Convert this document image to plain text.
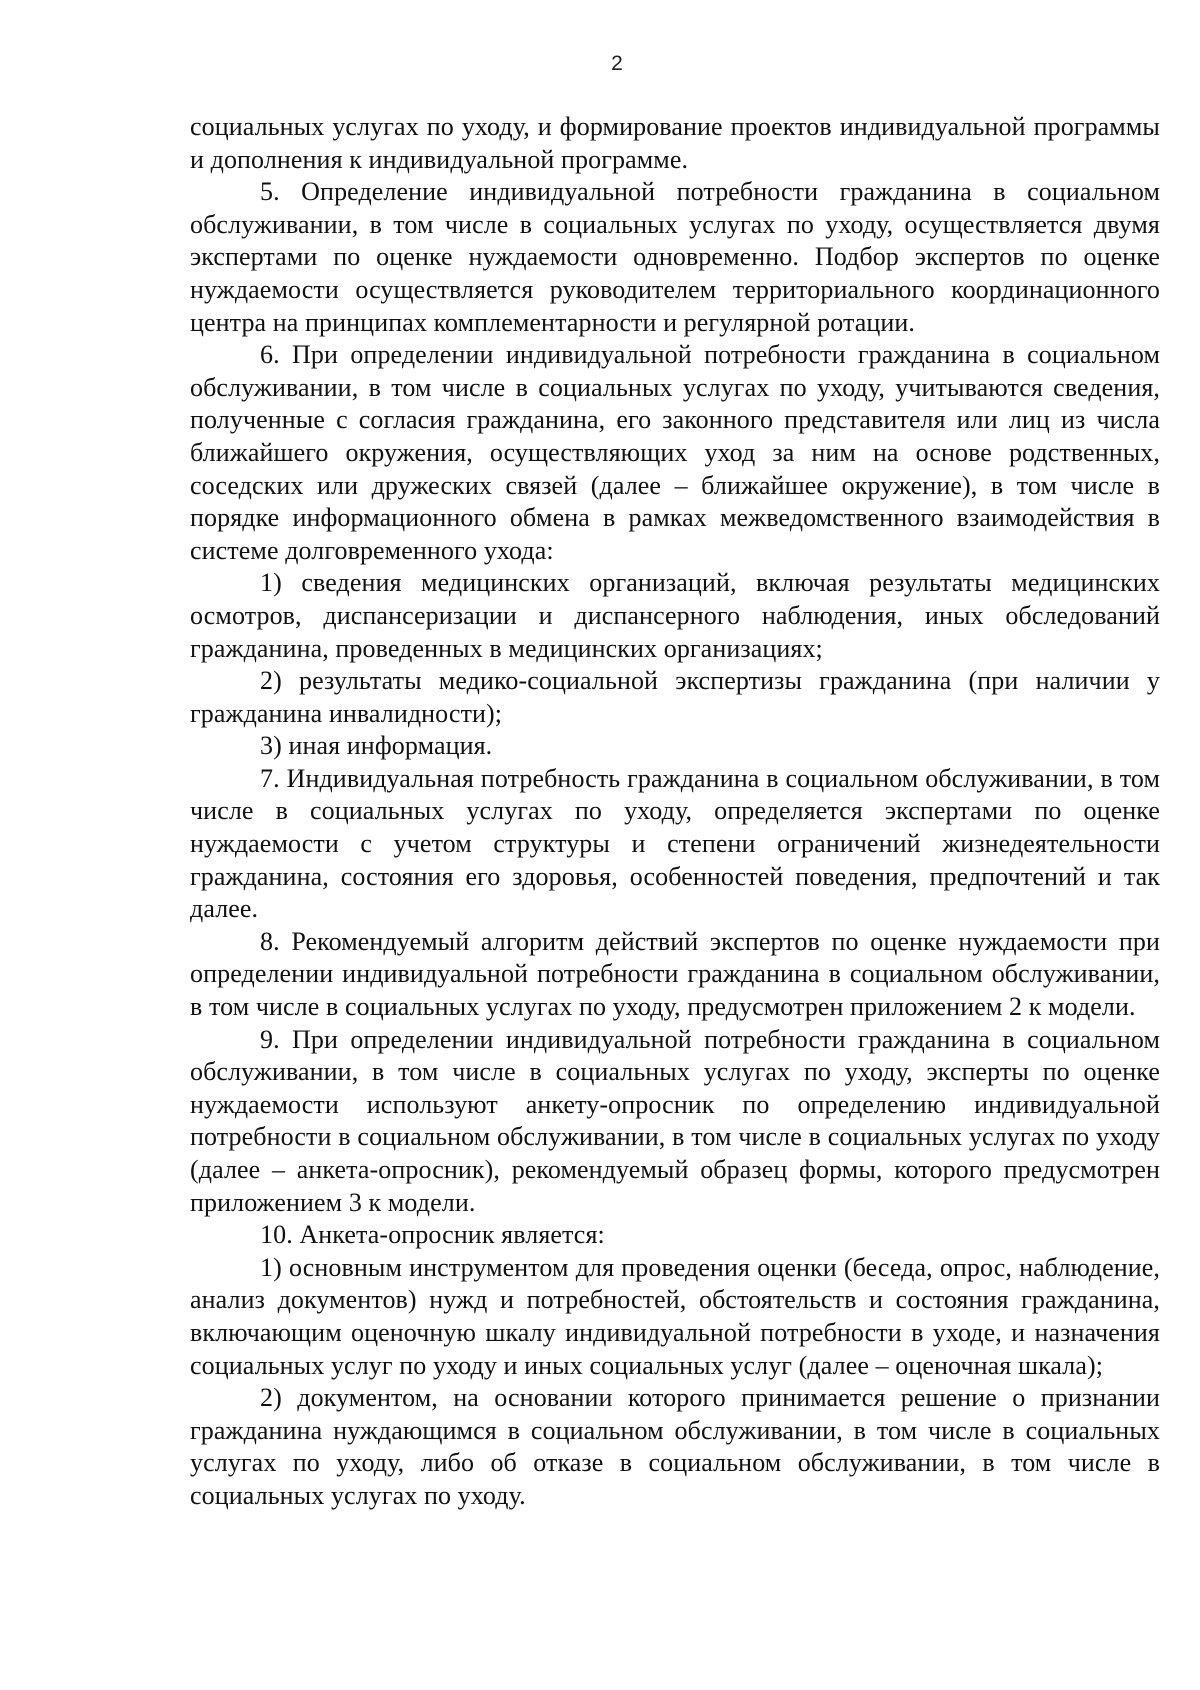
2

социальных услугах по уходу, и формирование проектов индивидуальной программы и дополнения к индивидуальной программе.

5. Определение индивидуальной потребности гражданина в социальном обслуживании, в том числе в социальных услугах по уходу, осуществляется двумя экспертами по оценке нуждаемости одновременно. Подбор экспертов по оценке нуждаемости осуществляется руководителем территориального координационного центра на принципах комплементарности и регулярной ротации.

6. При определении индивидуальной потребности гражданина в социальном обслуживании, в том числе в социальных услугах по уходу, учитываются сведения, полученные с согласия гражданина, его законного представителя или лиц из числа ближайшего окружения, осуществляющих уход за ним на основе родственных, соседских или дружеских связей (далее – ближайшее окружение), в том числе в порядке информационного обмена в рамках межведомственного взаимодействия в системе долговременного ухода:

1) сведения медицинских организаций, включая результаты медицинских осмотров, диспансеризации и диспансерного наблюдения, иных обследований гражданина, проведенных в медицинских организациях;

2) результаты медико-социальной экспертизы гражданина (при наличии у гражданина инвалидности);

3) иная информация.

7. Индивидуальная потребность гражданина в социальном обслуживании, в том числе в социальных услугах по уходу, определяется экспертами по оценке нуждаемости с учетом структуры и степени ограничений жизнедеятельности гражданина, состояния его здоровья, особенностей поведения, предпочтений и так далее.

8. Рекомендуемый алгоритм действий экспертов по оценке нуждаемости при определении индивидуальной потребности гражданина в социальном обслуживании, в том числе в социальных услугах по уходу, предусмотрен приложением 2 к модели.

9. При определении индивидуальной потребности гражданина в социальном обслуживании, в том числе в социальных услугах по уходу, эксперты по оценке нуждаемости используют анкету-опросник по определению индивидуальной потребности в социальном обслуживании, в том числе в социальных услугах по уходу (далее – анкета-опросник), рекомендуемый образец формы, которого предусмотрен приложением 3 к модели.

10. Анкета-опросник является:

1) основным инструментом для проведения оценки (беседа, опрос, наблюдение, анализ документов) нужд и потребностей, обстоятельств и состояния гражданина, включающим оценочную шкалу индивидуальной потребности в уходе, и назначения социальных услуг по уходу и иных социальных услуг (далее – оценочная шкала);

2) документом, на основании которого принимается решение о признании гражданина нуждающимся в социальном обслуживании, в том числе в социальных услугах по уходу, либо об отказе в социальном обслуживании, в том числе в социальных услугах по уходу.
